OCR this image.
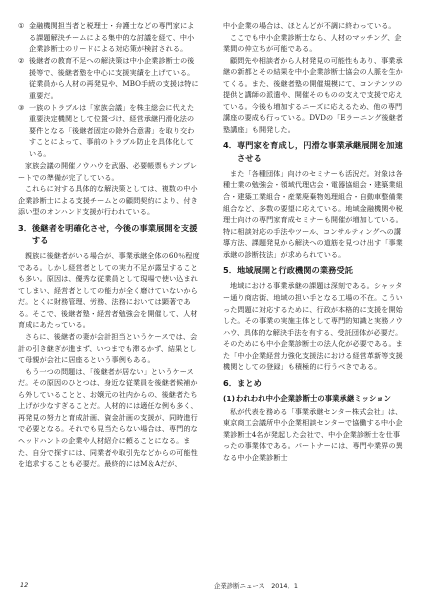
① 金融機関担当者と税理士・弁護士などの専門家による課題解決チームによる集中的な討議を経て、中小企業診断士のリードによる対応策が検討される。
② 後継者の教育不足への解決策は中小企業診断士の後援等で、後継者塾を中心に支援実績を上げている。従業員から人材の再発見や、MBO手続の支援は特に重要だ。
③ 一族のトラブルは「家族会議」を株主総会に代えた重要決定機関として位置づけ、経営承継円滑化法の要件となる「後継者固定の除外合意書」を取り交わすことによって、事前のトラブル防止を具体化している。

家族会議の開催ノウハウを武器、必要帳票もテンプレートでの準備が完了している。

これらに対する具体的な解決策としては、複数の中小企業診断士による支援チームとの顧問契約により、付き添い型のオンハンド支援が行われている。

3． 後継者を明確化させ，今後の事業展開を支援する

親族に後継者がいる場合が、事業承継全体の60％程度である。しかし経営者としての実力不足が露呈することも多い。原因は、優秀な従業員として現場で使い込まれてしまい、経営者としての能力が全く磨けていないからだ。とくに財務管理、労務、法務においては顕著である。そこで、後継者塾・経営者勉強会を開催して、人材育成にあたっている。

さらに、後継者の妻が会計担当というケースでは、会計の引き継ぎが進まず、いつまでも滞るかず、結果として母親が会社に居座るという事例もある。

もう一つの問題は、「後継者が居ない」というケースだ。その原因のひとつは、身近な従業員を後継者候補から外していることと、お嬢元の社内からの、後継者たち上げが少なすぎることだ。人材的には適任な例も多く、再発見の努力と育成計画、資金計画の支援が、同時進行で必要となる。それでも見当たらない場合は、専門的なヘッドハントの企業や人材紹介に頼ることになる。また、自分で探すには、同業者や取引先などからの可能性を追求することも必要だ。最終的にはM＆Aだが、

中小企業の場合は、ほとんどが不調に終わっている。

ここでも中小企業診断士なら、人材のマッチング、企業間の仲立ちが可能である。

顧問先や相談者から人材発見の可能性もあり、事業承継の新都とその結果を中小企業診断士協会の人脈を生かてくる。また、後継者塾の開催規模にて、コンテンツの提供と講師の派遣や、開催そのものの支えで支援で応えている。今後も増加するニーズに応えるため、他の専門講座の要成も行っている。DVDの「Eラーニング後継者塾講座」も開発した。

4． 専門家を育成し，円滑な事業承継展開を加速させる

また「各種団体」向けのセミナーも活況だ。対象は各種士業の勉強会・領域代理店会・電器協組会・建築業組合・建築工業組合・産業廃棄物処理組合・自動車整備業組合など、多数の要望に応えている。地域金融機関や税理士向けの専門家育成セミナーも開催が増加している。特に相談対応の手法やツール、コンサルティングへの講導方法、課題発見から解決への道筋を見つけ出す「事業承継の診断技法」が求められている。

5． 地域展開と行政機関の業務受託

地域における事業承継の課題は深刻である。シャッター通り商店街、地域の担い手となる工場の不在。こういった問題に対応するために、行政が本格的に支援を開始した。その事業の実施主体として専門的知識と実務ノウハウ、具体的な解決手法を有する、受託団体が必要だ。そのためにも中小企業診断士の法人化が必要である。また「中小企業経営力強化支援法における経営革新等支援機関としての登録」も積極的に行うべきである。

6． まとめ
(1) われわれ中小企業診断士の事業承継ミッション

私が代表を務める「事業承継センター株式会社」は、東京商工会議所中小企業相談センターで協働する中小企業診断士4名が発起した会社で、中小企業診断士を仕事ったの事業体である。パートナーには、専門や業界の異なる中小企業診断士

12	企業診断ニュース　2014．1
